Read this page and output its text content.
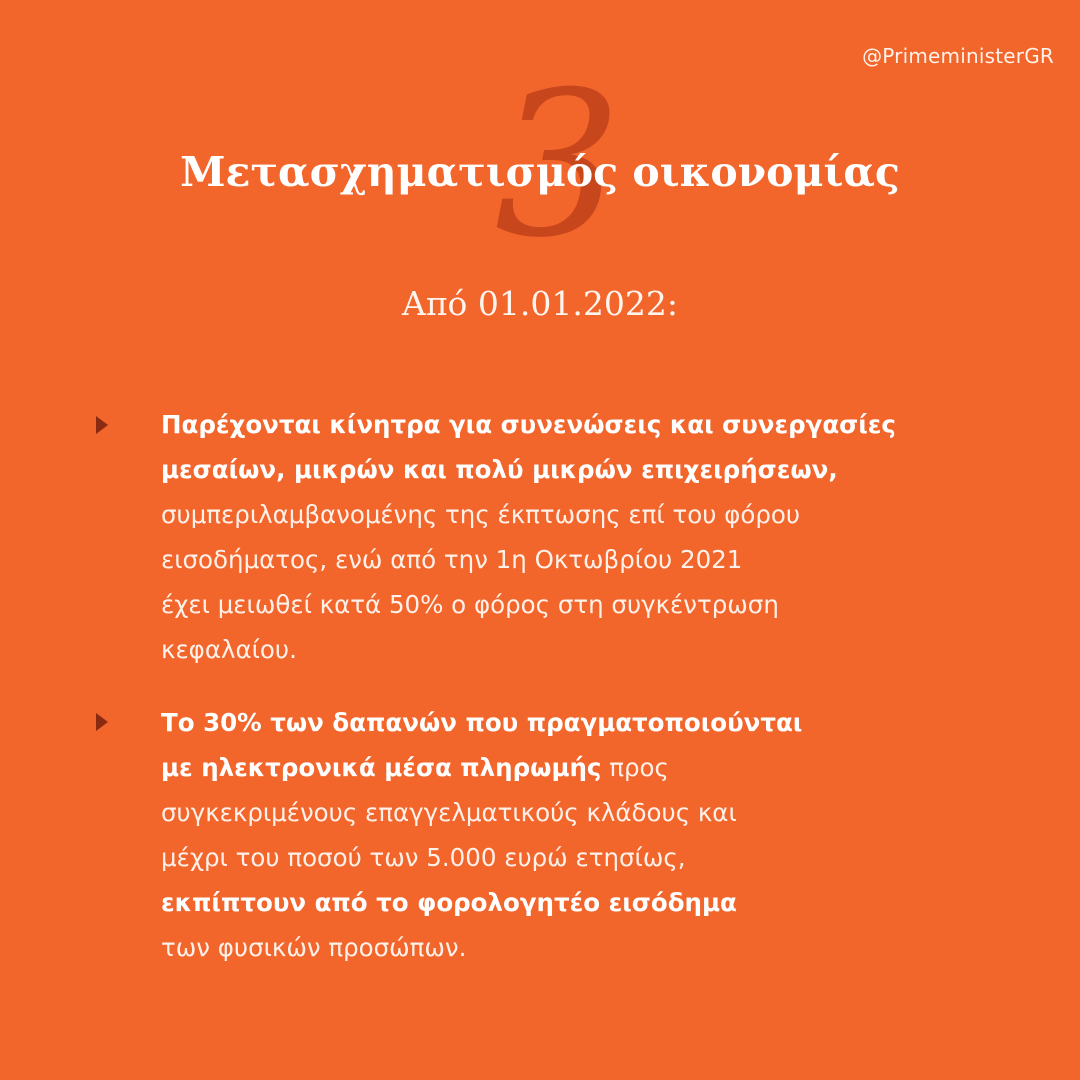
@PrimeministerGR
3
Μετασχηματισμός οικονομίας
Από 01.01.2022:
Παρέχονται κίνητρα για συνενώσεις και συνεργασίες
μεσαίων, μικρών και πολύ μικρών επιχειρήσεων,
συμπεριλαμβανομένης της έκπτωσης επί του φόρου
εισοδήματος, ενώ από την 1η Οκτωβρίου 2021
έχει μειωθεί κατά 50% ο φόρος στη συγκέντρωση
κεφαλαίου.
Το 30% των δαπανών που πραγματοποιούνται
με ηλεκτρονικά μέσα πληρωμής προς
συγκεκριμένους επαγγελματικούς κλάδους και
μέχρι του ποσού των 5.000 ευρώ ετησίως,
εκπίπτουν από το φορολογητέο εισόδημα
των φυσικών προσώπων.
